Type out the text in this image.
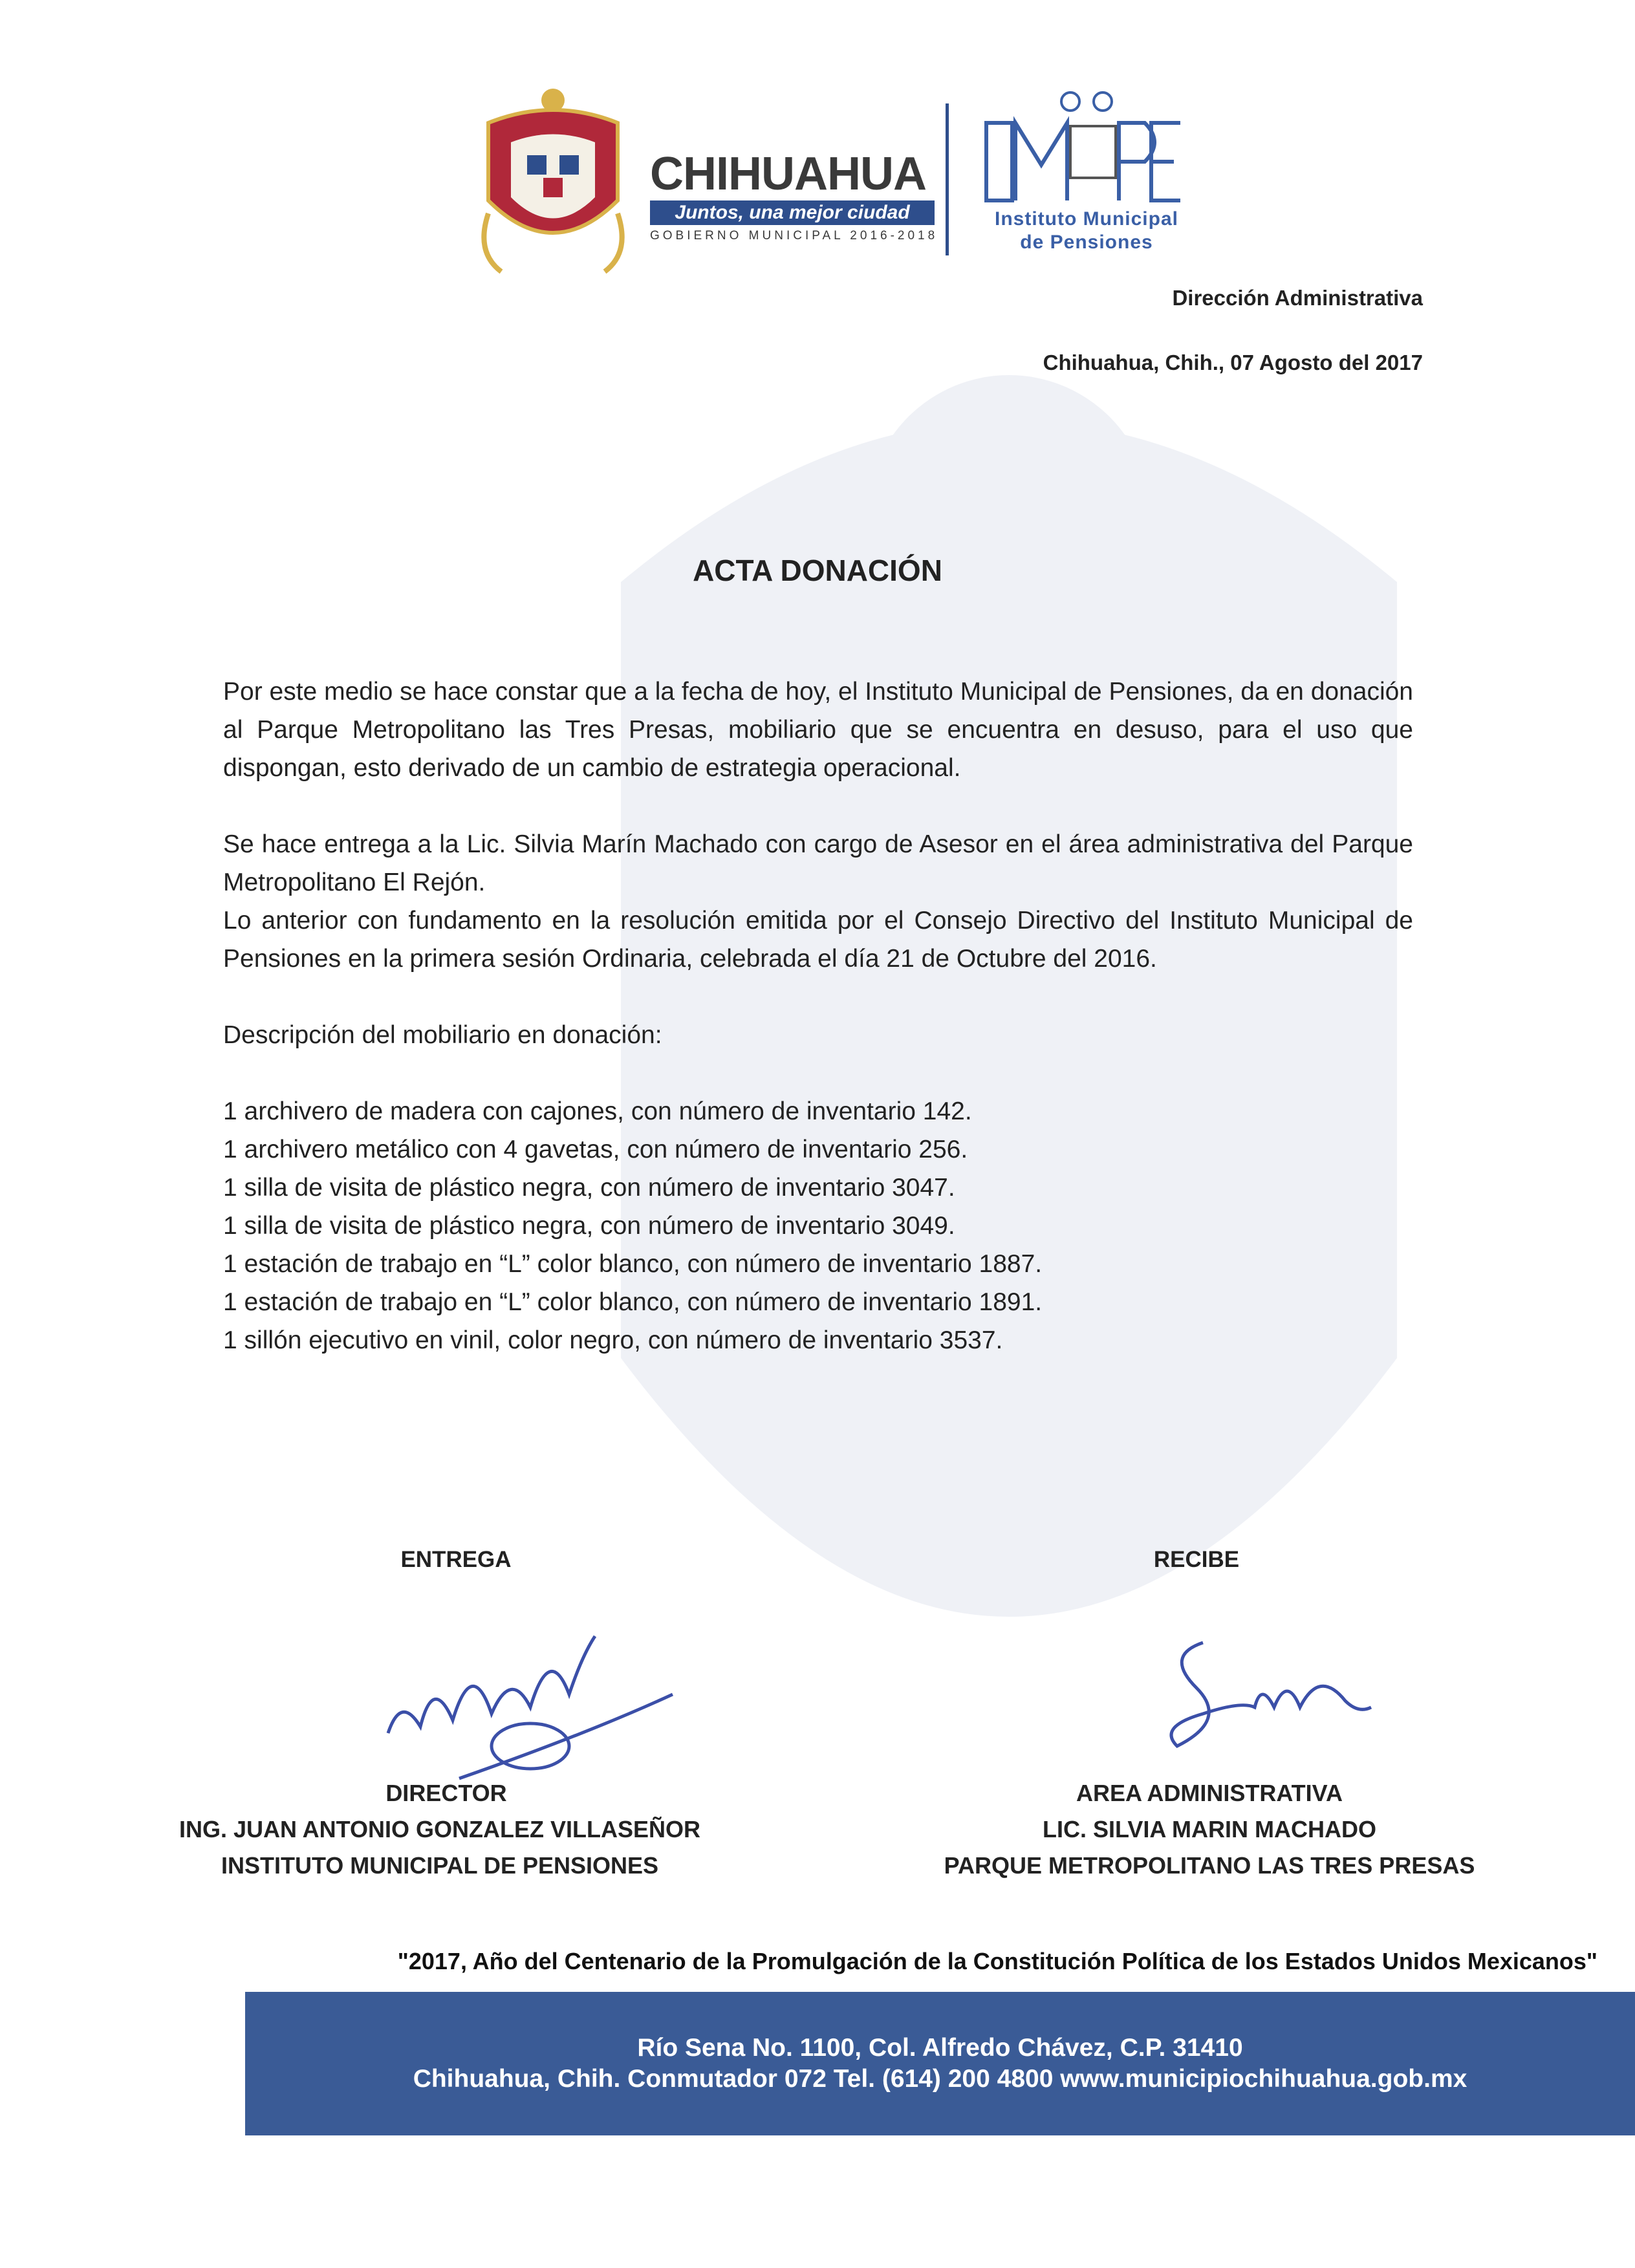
CHIHUAHUA
Juntos, una mejor ciudad
GOBIERNO MUNICIPAL 2016-2018
Instituto Municipal
de Pensiones
Dirección Administrativa
Chihuahua, Chih., 07 Agosto del 2017
ACTA DONACIÓN

Por este medio se hace constar que a la fecha de hoy, el Instituto Municipal de Pensiones, da en donación al Parque Metropolitano las Tres Presas, mobiliario que se encuentra en desuso, para el uso que dispongan, esto derivado de un cambio de estrategia operacional.

Se hace entrega a la Lic. Silvia Marín Machado con cargo de Asesor en el área administrativa del Parque Metropolitano El Rejón.

Lo anterior con fundamento en la resolución emitida por el Consejo Directivo del Instituto Municipal de Pensiones en la primera sesión Ordinaria, celebrada el día 21 de Octubre del 2016.

Descripción del mobiliario en donación:

1 archivero de madera con cajones, con número de inventario 142.

1 archivero metálico con 4 gavetas, con número de inventario 256.

1 silla de visita de plástico negra, con número de inventario 3047.

1 silla de visita de plástico negra, con número de inventario 3049.

1 estación de trabajo en “L” color blanco, con número de inventario 1887.

1 estación de trabajo en “L” color blanco, con número de inventario 1891.

1 sillón ejecutivo en vinil, color negro, con número de inventario 3537.

ENTREGA	RECIBE
DIRECTOR
ING. JUAN ANTONIO GONZALEZ VILLASEÑOR
INSTITUTO MUNICIPAL DE PENSIONES
AREA ADMINISTRATIVA
LIC. SILVIA MARIN MACHADO
PARQUE METROPOLITANO LAS TRES PRESAS
"2017, Año del Centenario de la Promulgación de la Constitución Política de los Estados Unidos Mexicanos"
Río Sena No. 1100, Col. Alfredo Chávez, C.P. 31410
Chihuahua, Chih. Conmutador 072 Tel. (614) 200 4800 www.municipiochihuahua.gob.mx
